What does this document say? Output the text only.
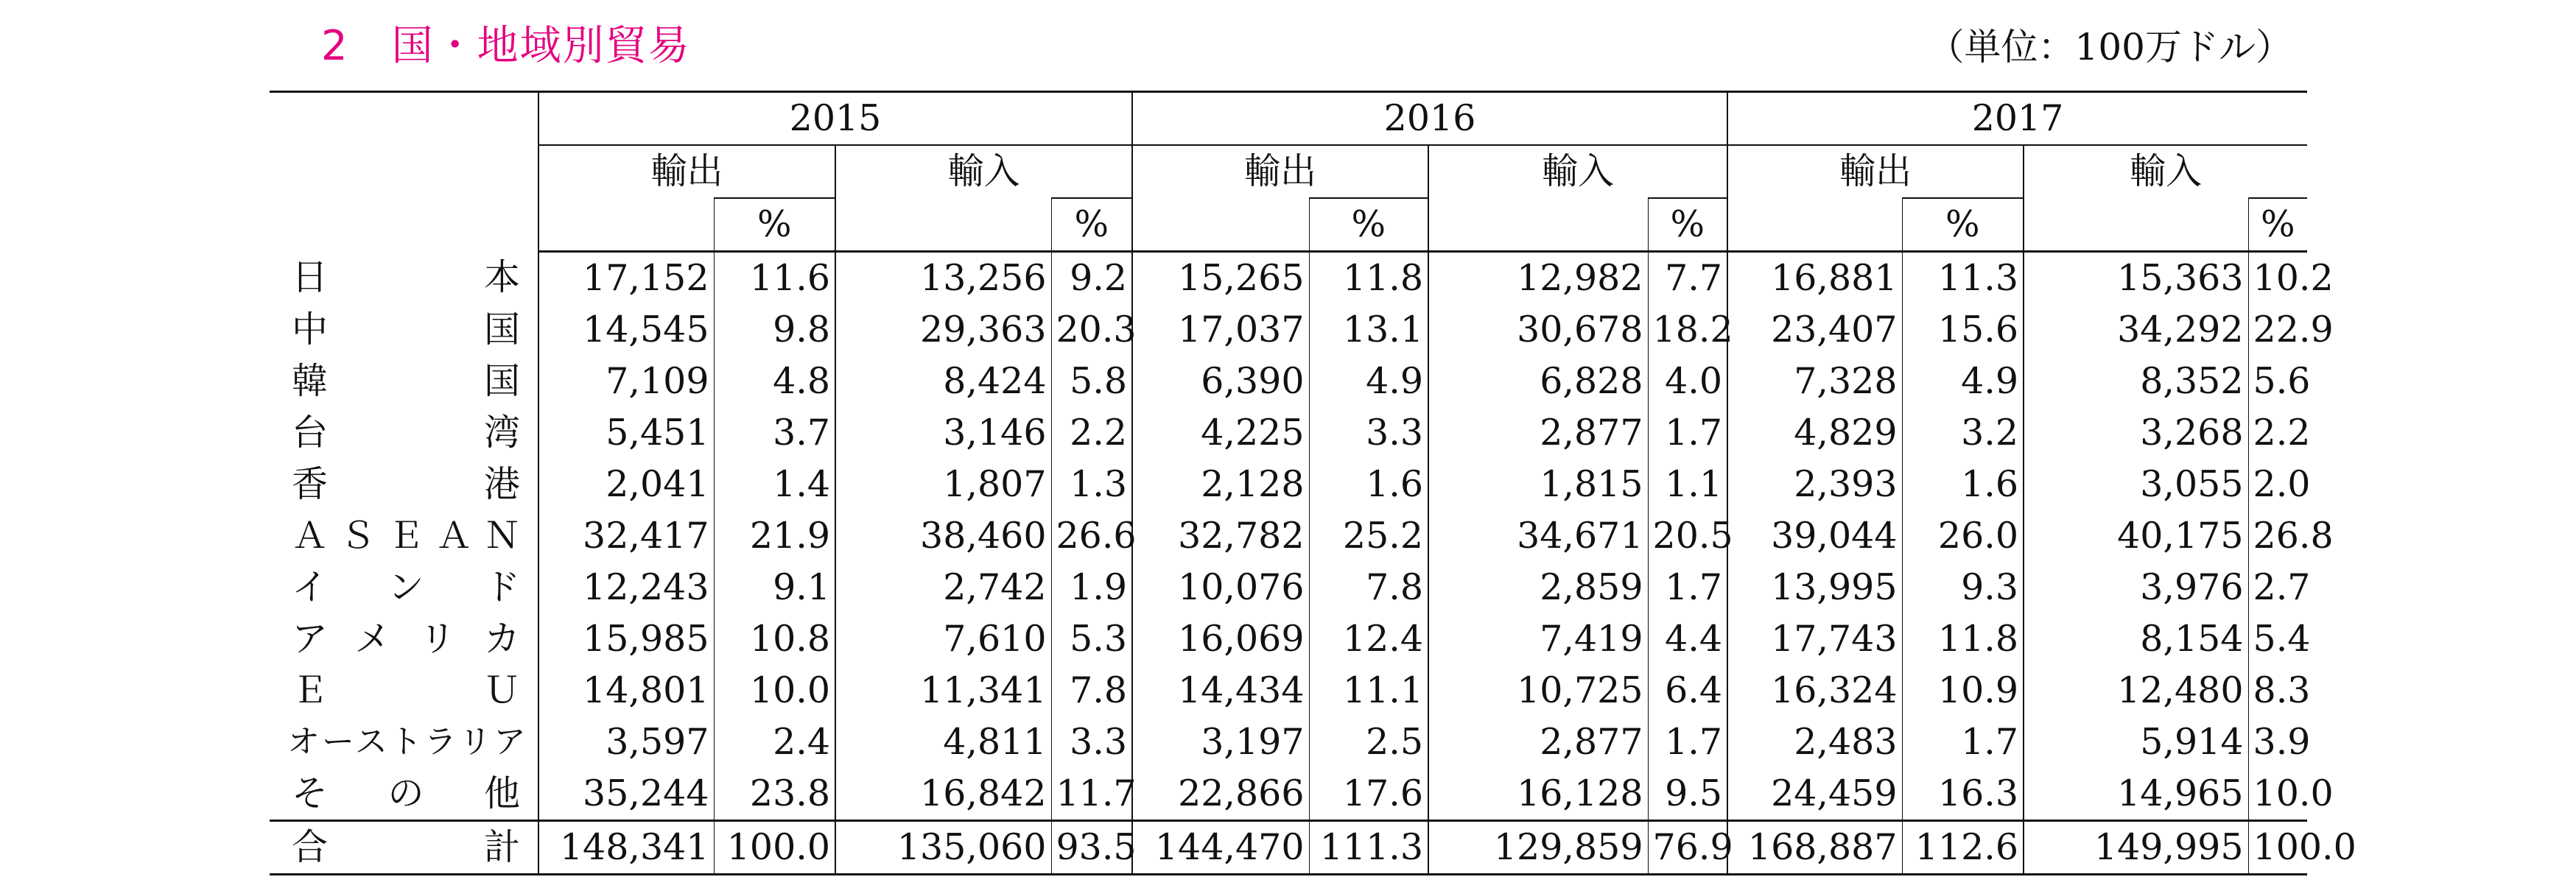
2 国・地域別貿易	（単位：100万ドル）
	2015				2016				2017			
	輸出		輸入		輸出		輸入		輸出		輸入	
		%		%		%		%		%		%
日　　本	17,152	11.6	13,256	9.2	15,265	11.8	12,982	7.7	16,881	11.3	15,363	10.2
中　　国	14,545	9.8	29,363	20.3	17,037	13.1	30,678	18.2	23,407	15.6	34,292	22.9
韓　　国	7,109	4.8	8,424	5.8	6,390	4.9	6,828	4.0	7,328	4.9	8,352	5.6
台　　湾	5,451	3.7	3,146	2.2	4,225	3.3	2,877	1.7	4,829	3.2	3,268	2.2
香　　港	2,041	1.4	1,807	1.3	2,128	1.6	1,815	1.1	2,393	1.6	3,055	2.0
ＡＳＥＡＮ	32,417	21.9	38,460	26.6	32,782	25.2	34,671	20.5	39,044	26.0	40,175	26.8
イ ン ド	12,243	9.1	2,742	1.9	10,076	7.8	2,859	1.7	13,995	9.3	3,976	2.7
アメリカ	15,985	10.8	7,610	5.3	16,069	12.4	7,419	4.4	17,743	11.8	8,154	5.4
Ｅ　Ｕ	14,801	10.0	11,341	7.8	14,434	11.1	10,725	6.4	16,324	10.9	12,480	8.3
オーストラリア	3,597	2.4	4,811	3.3	3,197	2.5	2,877	1.7	2,483	1.7	5,914	3.9
そ の 他	35,244	23.8	16,842	11.7	22,866	17.6	16,128	9.5	24,459	16.3	14,965	10.0
合　　計	148,341	100.0	135,060	93.5	144,470	111.3	129,859	76.9	168,887	112.6	149,995	100.0
